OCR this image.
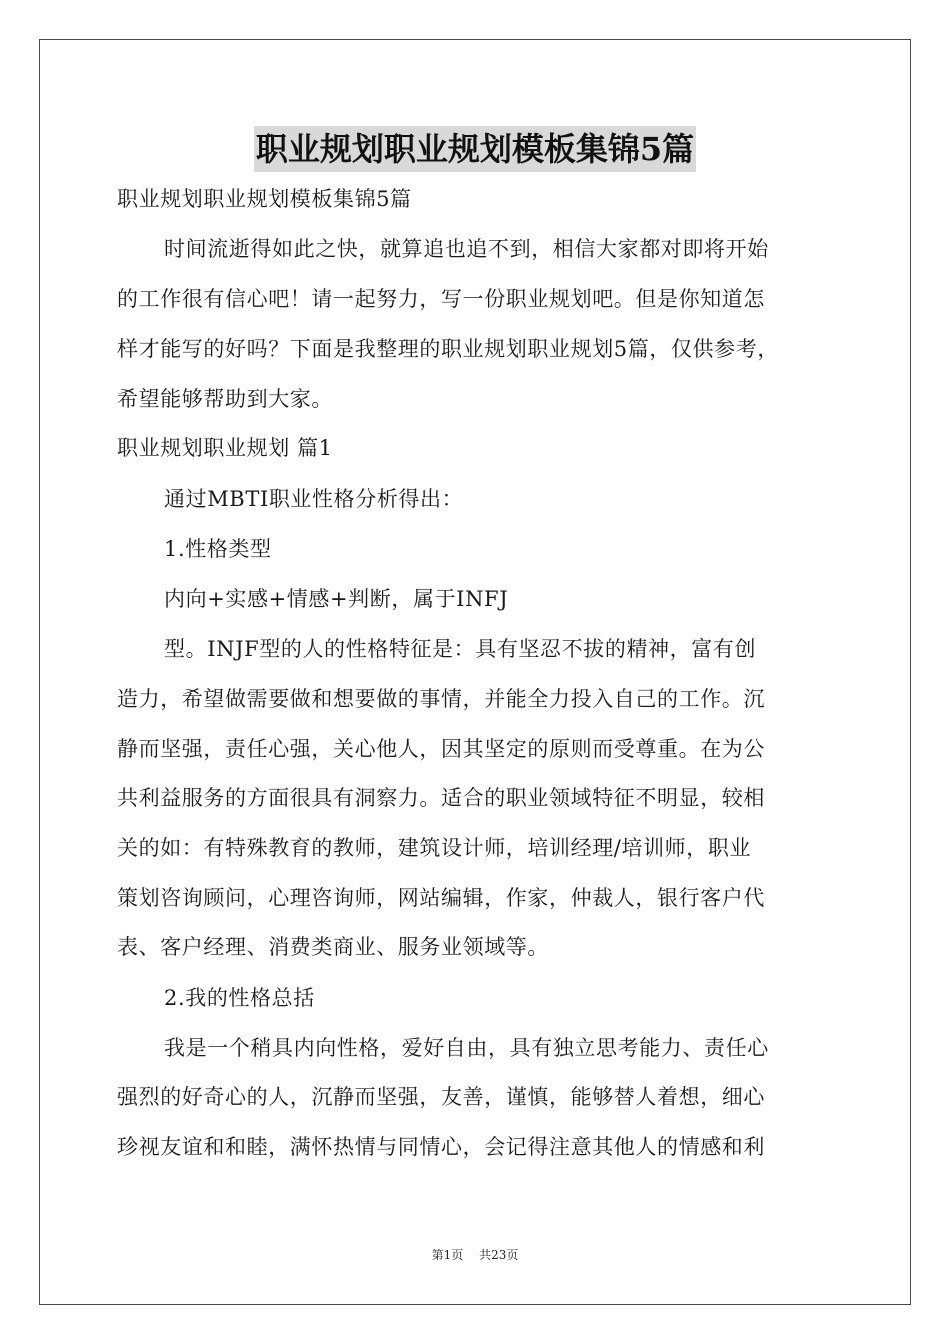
职业规划职业规划模板集锦5篇
职业规划职业规划模板集锦5篇
时间流逝得如此之快，就算追也追不到，相信大家都对即将开始
的工作很有信心吧！请一起努力，写一份职业规划吧。但是你知道怎
样才能写的好吗？下面是我整理的职业规划职业规划5篇，仅供参考，
希望能够帮助到大家。
职业规划职业规划 篇1
通过MBTI职业性格分析得出：
1.性格类型
内向+实感+情感+判断，属于INFJ
型。INJF型的人的性格特征是：具有坚忍不拔的精神，富有创
造力，希望做需要做和想要做的事情，并能全力投入自己的工作。沉
静而坚强，责任心强，关心他人，因其坚定的原则而受尊重。在为公
共利益服务的方面很具有洞察力。适合的职业领域特征不明显，较相
关的如：有特殊教育的教师，建筑设计师，培训经理/培训师，职业
策划咨询顾问，心理咨询师，网站编辑，作家，仲裁人，银行客户代
表、客户经理、消费类商业、服务业领域等。
2.我的性格总括
我是一个稍具内向性格，爱好自由，具有独立思考能力、责任心
强烈的好奇心的人，沉静而坚强，友善，谨慎，能够替人着想，细心
珍视友谊和和睦，满怀热情与同情心，会记得注意其他人的情感和利
第1页 共23页
